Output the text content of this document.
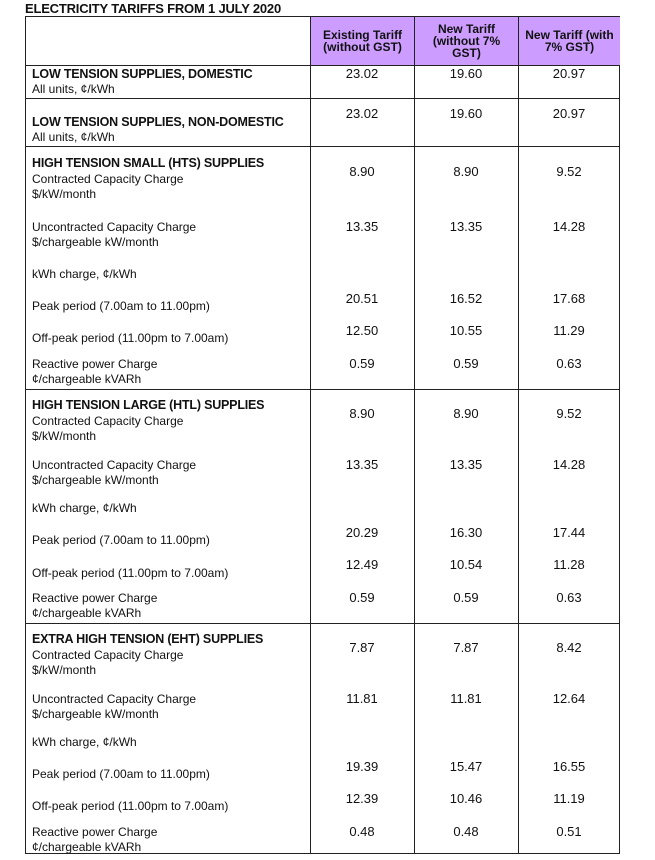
ELECTRICITY TARIFFS FROM 1 JULY 2020
Existing Tariff (without GST)
New Tariff (without 7% GST)
New Tariff (with 7% GST)
LOW TENSION SUPPLIES, DOMESTIC
All units, ¢/kWh
23.02	19.60	20.97
LOW TENSION SUPPLIES, NON-DOMESTIC
All units, ¢/kWh
23.02	19.60	20.97
HIGH TENSION SMALL (HTS) SUPPLIES
Contracted Capacity Charge
$/kW/month
8.90	8.90	9.52
Uncontracted Capacity Charge
$/chargeable kW/month
13.35	13.35	14.28
kWh charge, ¢/kWh
Peak period (7.00am to 11.00pm)	20.51	16.52	17.68
Off-peak period (11.00pm to 7.00am)	12.50	10.55	11.29
Reactive power Charge
¢/chargeable kVARh
0.59	0.59	0.63
HIGH TENSION LARGE (HTL) SUPPLIES
Contracted Capacity Charge
$/kW/month
8.90	8.90	9.52
Uncontracted Capacity Charge
$/chargeable kW/month
13.35	13.35	14.28
kWh charge, ¢/kWh
Peak period (7.00am to 11.00pm)	20.29	16.30	17.44
Off-peak period (11.00pm to 7.00am)
12.49	10.54	11.28
Reactive power Charge
¢/chargeable kVARh
0.59	0.59	0.63
EXTRA HIGH TENSION (EHT) SUPPLIES
Contracted Capacity Charge
$/kW/month
7.87	7.87	8.42
Uncontracted Capacity Charge
$/chargeable kW/month
11.81	11.81	12.64
kWh charge, ¢/kWh
Peak period (7.00am to 11.00pm)	19.39	15.47	16.55
Off-peak period (11.00pm to 7.00am)	12.39	10.46	11.19
Reactive power Charge
¢/chargeable kVARh
0.48	0.48	0.51
